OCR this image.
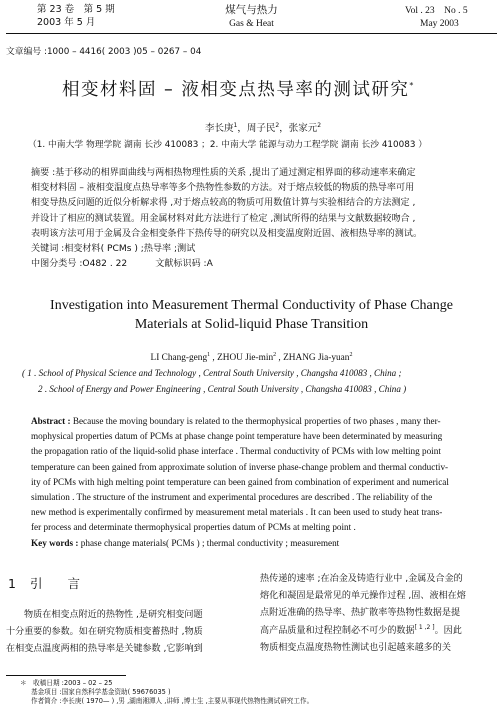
第 23 卷　第 5 期
2003 年 5 月
煤气与热力
Gas & Heat
Vol . 23　No . 5
May 2003
文章编号 :1000 – 4416( 2003 )05 – 0267 – 04
相变材料固 – 液相变点热导率的测试研究*
李长庚$^1$，周子民$^2$，张家元$^2$
（1. 中南大学 物理学院 湖南 长沙 410083 ；2. 中南大学 能源与动力工程学院 湖南 长沙 410083 ）
摘要 :基于移动的相界面曲线与两相热物理性质的关系 ,提出了通过测定相界面的移动速率来确定
相变材料固 – 液相变温度点热导率等多个热物性参数的方法。对于熔点较低的物质的热导率可用
相变导热反问题的近似分析解求得 ,对于熔点较高的物质可用数值计算与实验相结合的方法测定 ,
并设计了相应的测试装置。用金属材料对此方法进行了检定 ,测试所得的结果与文献数据较吻合 ,
表明该方法可用于金属及合金相变条件下热传导的研究以及相变温度附近固、液相热导率的测试。
关键词 :相变材料( PCMs ) ;热导率 ;测试
中图分类号 :O482 . 22	文献标识码 :A
Investigation into Measurement Thermal Conductivity of Phase Change
Materials at Solid-liquid Phase Transition
LI Chang-geng$^1$ , ZHOU Jie-$\min^2$ , ZHANG Jia-yuan$^2$
( 1 . School of Physical Science and Technology , Central South University , Changsha 410083 , China ;
2 . School of Energy and Power Engineering , Central South University , Changsha 410083 , China )
Abstract : Because the moving boundary is related to the thermophysical properties of two phases , many ther-
mophysical properties datum of PCMs at phase change point temperature have been determinated by measuring
the propagation ratio of the liquid-solid phase interface . Thermal conductivity of PCMs with low melting point
temperature can been gained from approximate solution of inverse phase-change problem and thermal conductiv-
ity of PCMs with high melting point temperature can been gained from combination of experiment and numerical
simulation . The structure of the instrument and experimental procedures are described . The reliability of the
new method is experimentally confirmed by measurement metal materials . It can been used to study heat trans-
fer process and determinate thermophysical properties datum of PCMs at melting point .
Key words : phase change materials( PCMs ) ; thermal conductivity ; measurement
1 引　　言
物质在相变点附近的热物性 ,是研究相变问题
十分重要的参数。如在研究物质相变蓄热时 ,物质
在相变点温度两相的热导率是关键参数 ,它影响到
热传递的速率 ;在冶金及铸造行业中 ,金属及合金的
熔化和凝固是最常见的单元操作过程 ,固、液相在熔
点附近准确的热导率、热扩散率等热物性数据是提
高产品质量和过程控制必不可少的数据[ 1 ,2 ]。因此
物质相变点温度热物性测试也引起越来越多的关
＊　收稿日期 :2003 – 02 – 25
基金项目 :国家自然科学基金资助( 59676035 )
作者简介 :李长庚( 1970— ) ,男 ,湖南湘潭人 ,讲师 ,博士生 ,主要从事现代热物性测试研究工作。
